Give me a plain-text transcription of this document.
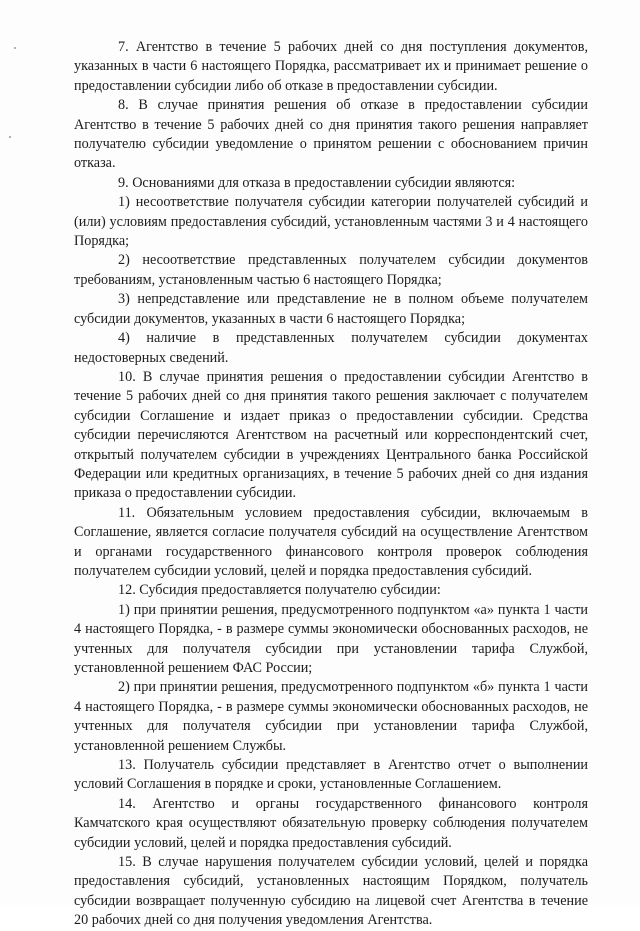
7. Агентство в течение 5 рабочих дней со дня поступления документов, указанных в части 6 настоящего Порядка, рассматривает их и принимает решение о предоставлении субсидии либо об отказе в предоставлении субсидии.

8. В случае принятия решения об отказе в предоставлении субсидии Агентство в течение 5 рабочих дней со дня принятия такого решения направляет получателю субсидии уведомление о принятом решении с обоснованием причин отказа.

9. Основаниями для отказа в предоставлении субсидии являются:

1) несоответствие получателя субсидии категории получателей субсидий и (или) условиям предоставления субсидий, установленным частями 3 и 4 настоящего Порядка;

2) несоответствие представленных получателем субсидии документов требованиям, установленным частью 6 настоящего Порядка;

3) непредставление или представление не в полном объеме получателем субсидии документов, указанных в части 6 настоящего Порядка;

4) наличие в представленных получателем субсидии документах недостоверных сведений.

10. В случае принятия решения о предоставлении субсидии Агентство в течение 5 рабочих дней со дня принятия такого решения заключает с получателем субсидии Соглашение и издает приказ о предоставлении субсидии. Средства субсидии перечисляются Агентством на расчетный или корреспондентский счет, открытый получателем субсидии в учреждениях Центрального банка Российской Федерации или кредитных организациях, в течение 5 рабочих дней со дня издания приказа о предоставлении субсидии.

11. Обязательным условием предоставления субсидии, включаемым в Соглашение, является согласие получателя субсидий на осуществление Агентством и органами государственного финансового контроля проверок соблюдения получателем субсидии условий, целей и порядка предоставления субсидий.

12. Субсидия предоставляется получателю субсидии:

1) при принятии решения, предусмотренного подпунктом «а» пункта 1 части 4 настоящего Порядка, - в размере суммы экономически обоснованных расходов, не учтенных для получателя субсидии при установлении тарифа Службой, установленной решением ФАС России;

2) при принятии решения, предусмотренного подпунктом «б» пункта 1 части 4 настоящего Порядка, - в размере суммы экономически обоснованных расходов, не учтенных для получателя субсидии при установлении тарифа Службой, установленной решением Службы.

13. Получатель субсидии представляет в Агентство отчет о выполнении условий Соглашения в порядке и сроки, установленные Соглашением.

14. Агентство и органы государственного финансового контроля Камчатского края осуществляют обязательную проверку соблюдения получателем субсидии условий, целей и порядка предоставления субсидий.

15. В случае нарушения получателем субсидии условий, целей и порядка предоставления субсидий, установленных настоящим Порядком, получатель субсидии возвращает полученную субсидию на лицевой счет Агентства в течение 20 рабочих дней со дня получения уведомления Агентства.
